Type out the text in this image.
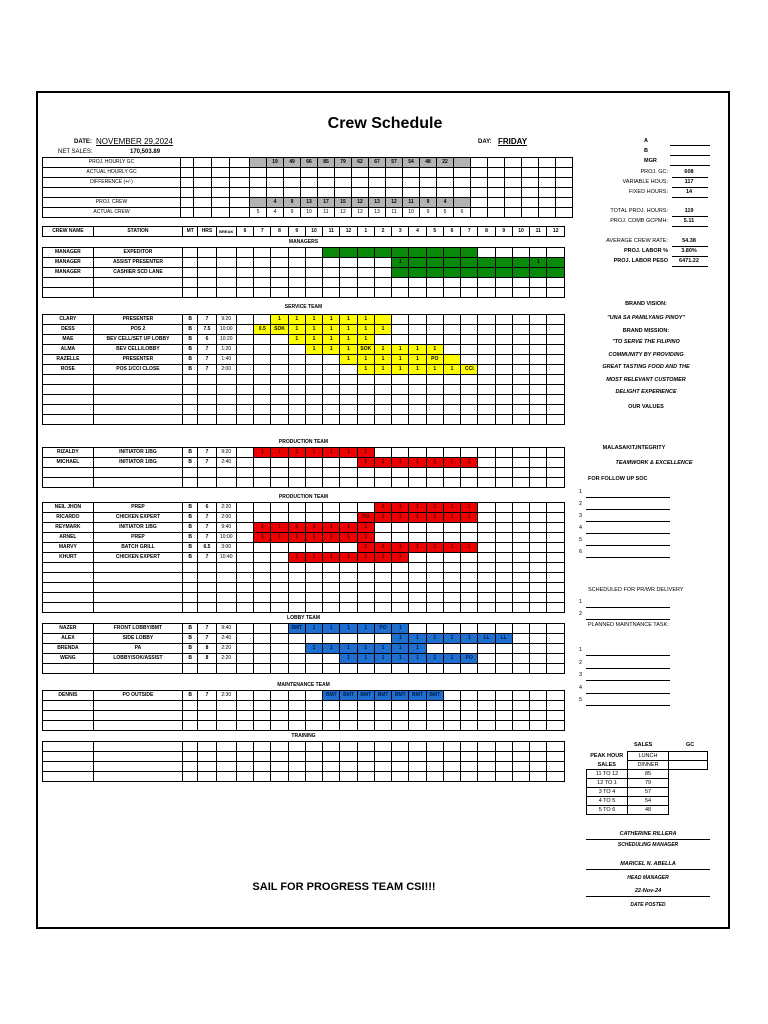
Crew Schedule
DATE: NOVEMBER 29,2024	DAY: FRIDAY
NET SALES:	170,503.89
PROJ. HOURLY GC						19	49	66	85	79	62	67	57	54	48	22							
ACTUAL HOURLY GC																							
DIFFERENCE (+/-)																							

PROJ. CREW						4	9	13	17	15	12	13	12	11	9	4							
ACTUAL CREW					5	4	9	10	11	12	12	13	11	10	9	5	6						
CREW NAME	STATION	MT	HRS	BREAK	6	7	8	9	10	11	12	1	2	3	4	5	6	7	8	9	10	11	12
MANAGERS																							
MANAGER	EXPEDITOR																						
MANAGER	ASSIST PRESENTER													1								1	
MANAGER	CASHIER SCD LANE																						

SERVICE TEAM																							

CLARY	PRESENTER	B	7	9:20			1	1	1	1	1	1											
DESS	POS 2	B	7.5	10:00		0.5	SOK	1	1	1	1	1	1										
MAE	BEV CELL/SET UP LOBBY	B	6	10:20				1	1	1	1	1											
ALMA	BEV CELL/LOBBY	B	7	1:20					1	1	1	SOK	1	1	1	1							
RAZELLE	PRESENTER	B	7	1:40							1	1	1	1	1	PO							
ROSE	POS 1/CCI CLOSE	B	7	2:00								1	1	1	1	1	1	CCI					

PRODUCTION TEAM																							
RIZALDY	INITIATOR 1/BG	B	7	9:20		1	1	1	1	1	1	1											
MICHAEL	INITIATOR 1/BG	B	7	2:40								1	1	1	1	1	1	1					

PRODUCTION TEAM																							
NEIL JHON	PREP	B	6	2:20									1	1	1	1	1	1					
RICARDO	CHICKEN EXPERT	B	7	2:00								PO	1	1	1	1	1	1					
REYMARK	INITIATOR 1/BG	B	7	9:40		1	1	1	1	1	1	1											
ARNEL	PREP	B	7	10:00		1	1	1	1	1	1	1											
MARVY	BATCH GRILL	B	6.5	3:00								1	1	1	1	1	1	1					
KHURT	CHICKEN EXPERT	B	7	10:40				1	1	1	1	1	1	1									

LOBBY TEAM																							
NAZER	FRONT LOBBY/BMT	B	7	9:40				BMT	1	1	1	1	PO	1									
ALEX	SIDE LOBBY	B	7	2:40										1	1	1	1	1	LL	LL			
BRENDA	PA	B	8	2:20					1	1	1	1	1	1	1								
WENG	LOBBY/SOK/ASSIST	B	8	2:20							1	1	1	1	1	1	1	PO					

MAINTENANCE TEAM																							
DENNIS	PO OUTSIDE	B	7	2:30						BMT	BMT	BMT	BMT	BMT	BMT	BMT							

TRAINING																							

A
B
MGR
PROJ. GC:	608
VARIABLE HOUS:	117
FIXED HOURS:	14
TOTAL PROJ. HOURS:	119
PROJ. COMB GCPMH:	5.11
AVERAGE CREW RATE:	54.38
PROJ. LABOR %	3.80%
PROJ. LABOR PESO	6471.22
BRAND VISION:
"UNA SA PAMILYANG PINOY"
BRAND MISSION:
"TO SERVE THE FILIPINO
COMMUNITY BY PROVIDING
GREAT TASTING FOOD AND THE
MOST RELEVANT CUSTOMER
DELIGHT EXPERIENCE
OUR VALUES
MALASAKIT,INTEGRITY
TEAMWORK & EXCELLENCE
FOR FOLLOW UP SOC
1
2
3
4
5
6
SCHEDULED FOR PR/WR DELIVERY
1
2
PLANNED MAINTNANCE TASK:
1
2
3
4
5
SALES	GC
PEAK HOUR	LUNCH	
SALES	DINNER	
11 TO 12	85	
12 TO 1	79	
3 TO 4	57	
4 TO 5	54	
5 TO 6	48	
CATHERINE RILLERA
SCHEDULING MANAGER
MARICEL N. ABELLA
HEAD MANAGER
22-Nov-24
DATE POSTED
SAIL FOR PROGRESS TEAM CSI!!!
